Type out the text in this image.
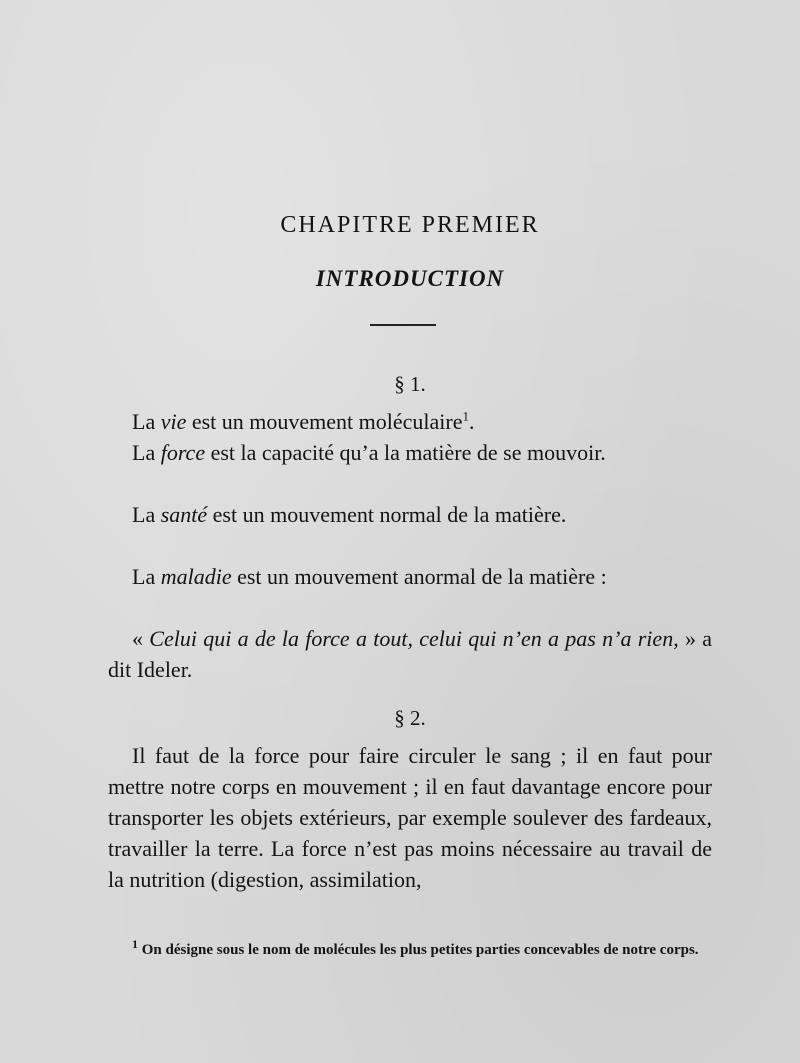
CHAPITRE PREMIER
INTRODUCTION
§ 1.
La vie est un mouvement moléculaire$^1$.
La force est la capacité qu’a la matière de se mouvoir.
La santé est un mouvement normal de la matière.
La maladie est un mouvement anormal de la matière :
« Celui qui a de la force a tout, celui qui n’en a pas n’a rien, » a dit Ideler.
§ 2.
Il faut de la force pour faire circuler le sang ; il en faut pour mettre notre corps en mouvement ; il en faut davantage encore pour transporter les objets extérieurs, par exemple soulever des fardeaux, travailler la terre. La force n’est pas moins nécessaire au travail de la nutrition (digestion, assimilation,
$^1$ On désigne sous le nom de molécules les plus petites parties concevables de notre corps.
